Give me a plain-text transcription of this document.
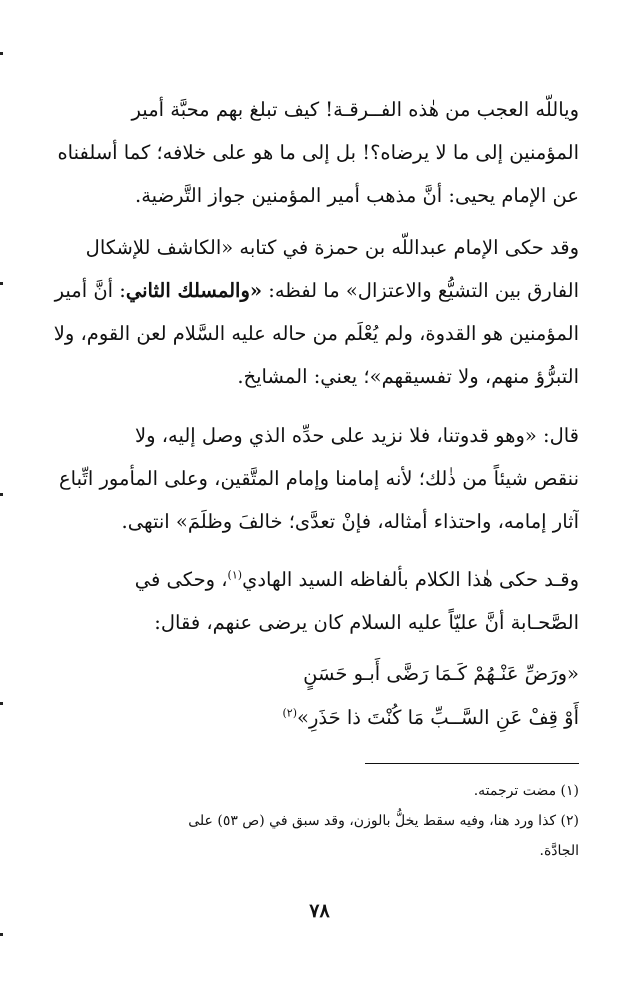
وياللّه العجب من هٰذه الفــرقـة! كيف تبلغ بهم محبَّة أمير
المؤمنين إلى ما لا يرضاه؟! بل إلى ما هو على خلافه؛ كما أسلفناه
عن الإمام يحيى: أنَّ مذهب أمير المؤمنين جواز التَّرضية.

وقد حكى الإمام عبداللّه بن حمزة في كتابه «الكاشف للإشكال
الفارق بين التشيُّع والاعتزال» ما لفظه: «والمسلك الثاني: أنَّ أمير
المؤمنين هو القدوة، ولم يُعْلَم من حاله عليه السَّلام لعن القوم، ولا
التبرُّؤ منهم، ولا تفسيقهم»؛ يعني: المشايخ.

قال: «وهو قدوتنا، فلا نزيد على حدِّه الذي وصل إليه، ولا
ننقص شيئاً من ذٰلك؛ لأنه إمامنا وإمام المتَّقين، وعلى المأمور اتِّباع
آثار إمامه، واحتذاء أمثاله، فإنْ تعدَّى؛ خالفَ وظلَمَ» انتهى.

وقـد حكى هٰذا الكلام بألفاظه السيد الهادي$^{(١)}$، وحكى في
الصَّحـابة أنَّ عليّاً عليه السلام كان يرضى عنهم، فقال:

«ورَضِّ عَنْـهُمْ كَـمَا رَضَّى أَبـو حَسَنٍ
أَوْ قِفْ عَنِ السَّــبِّ مَا كُنْتَ ذا حَذَرِ»$^{(٢)}$

(١) مضت ترجمته.
(٢) كذا ورد هنا، وفيه سقط يخلُّ بالوزن، وقد سبق في (ص ٥٣) على
الجادَّة.

٧٨
